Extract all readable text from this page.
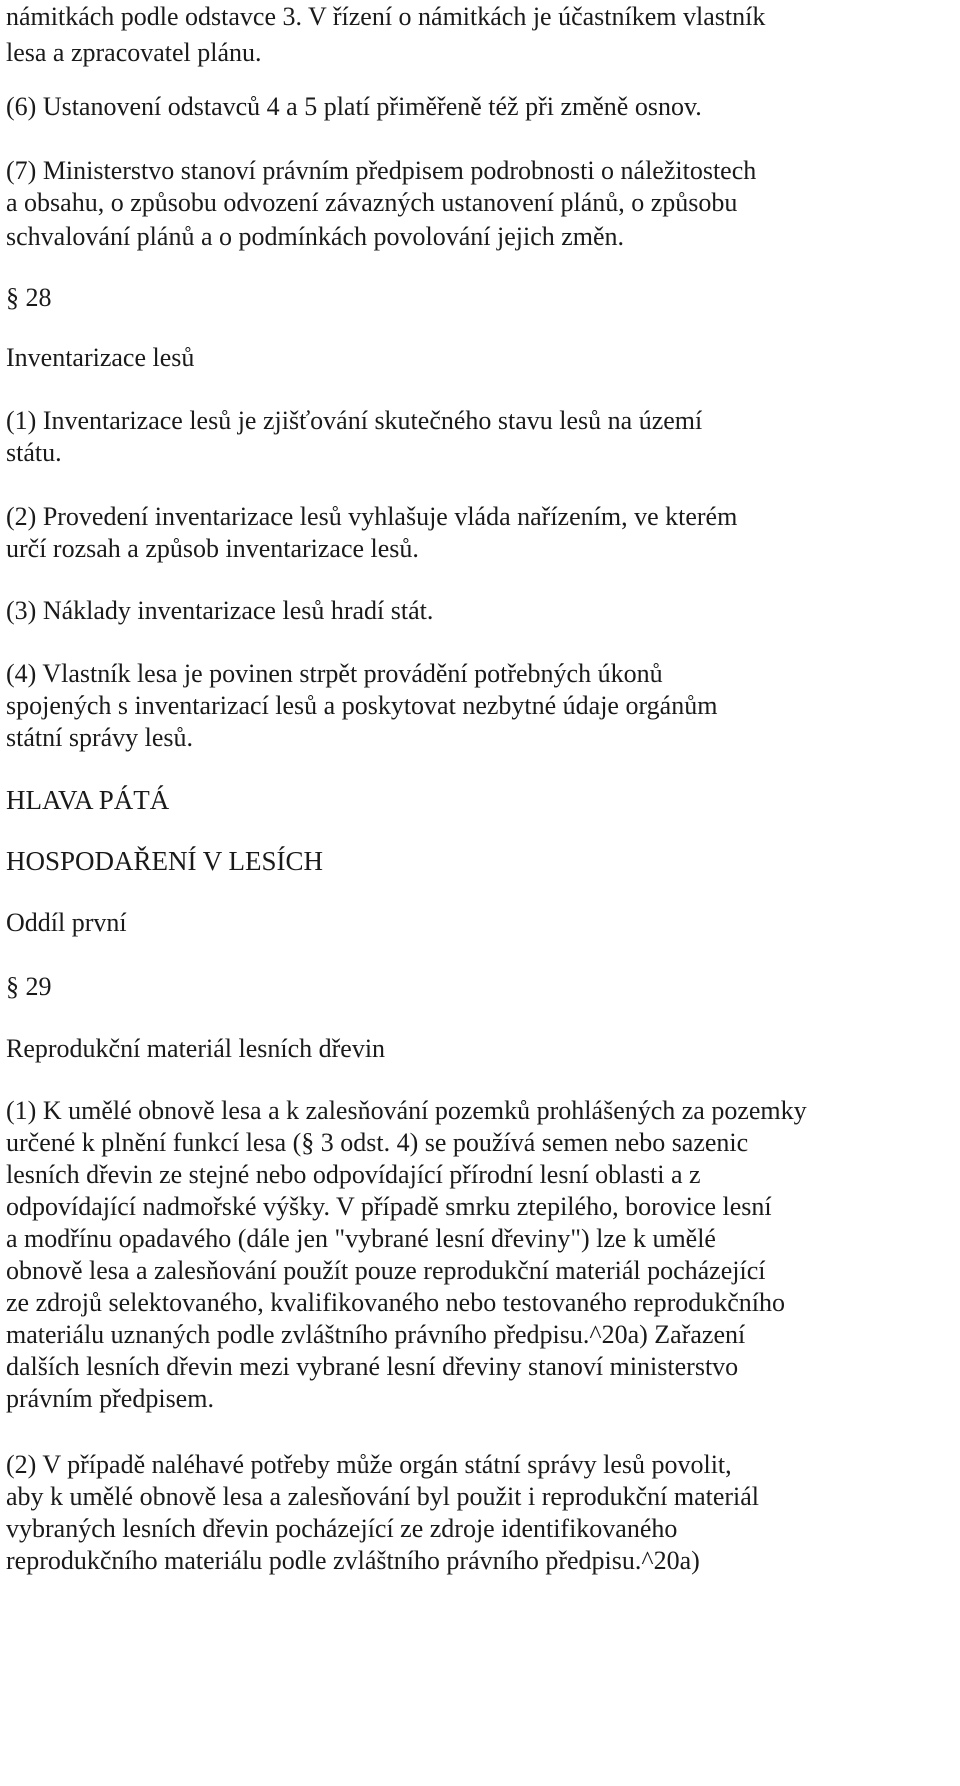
námitkách podle odstavce 3. V řízení o námitkách je účastníkem vlastník
lesa a zpracovatel plánu.
(6) Ustanovení odstavců 4 a 5 platí přiměřeně též při změně osnov.
(7) Ministerstvo stanoví právním předpisem podrobnosti o náležitostech
a obsahu, o způsobu odvození závazných ustanovení plánů, o způsobu
schvalování plánů a o podmínkách povolování jejich změn.
§ 28
Inventarizace lesů
(1) Inventarizace lesů je zjišťování skutečného stavu lesů na území
státu.
(2) Provedení inventarizace lesů vyhlašuje vláda nařízením, ve kterém
určí rozsah a způsob inventarizace lesů.
(3) Náklady inventarizace lesů hradí stát.
(4) Vlastník lesa je povinen strpět provádění potřebných úkonů
spojených s inventarizací lesů a poskytovat nezbytné údaje orgánům
státní správy lesů.
HLAVA PÁTÁ
HOSPODAŘENÍ V LESÍCH
Oddíl první
§ 29
Reprodukční materiál lesních dřevin
(1) K umělé obnově lesa a k zalesňování pozemků prohlášených za pozemky
určené k plnění funkcí lesa (§ 3 odst. 4) se používá semen nebo sazenic
lesních dřevin ze stejné nebo odpovídající přírodní lesní oblasti a z
odpovídající nadmořské výšky. V případě smrku ztepilého, borovice lesní
a modřínu opadavého (dále jen "vybrané lesní dřeviny") lze k umělé
obnově lesa a zalesňování použít pouze reprodukční materiál pocházející
ze zdrojů selektovaného, kvalifikovaného nebo testovaného reprodukčního
materiálu uznaných podle zvláštního právního předpisu.^20a) Zařazení
dalších lesních dřevin mezi vybrané lesní dřeviny stanoví ministerstvo
právním předpisem.
(2) V případě naléhavé potřeby může orgán státní správy lesů povolit,
aby k umělé obnově lesa a zalesňování byl použit i reprodukční materiál
vybraných lesních dřevin pocházející ze zdroje identifikovaného
reprodukčního materiálu podle zvláštního právního předpisu.^20a)
